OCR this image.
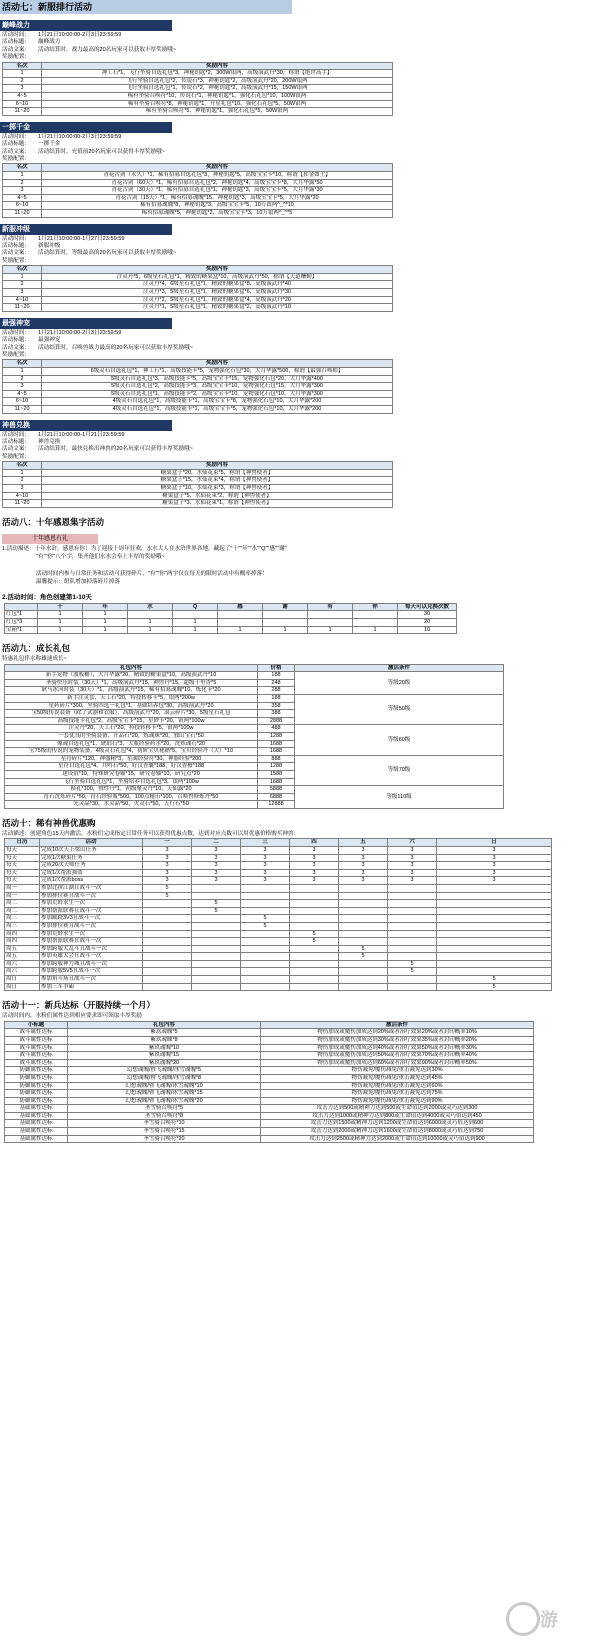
活动七：新服排行活动
巅峰战力
活动时间： 1月21日10:00:00-2月3日23:59:59
活动标题： 巅峰战力
活动文案： 活动结算时，战力最高的20名玩家可以获取丰厚奖励哦~
奖励配置：
名次	奖励内容
1	神工石*1，飞行坐骑自选礼包*3，神秘钥匙*2，300W银两，高级演武丹*30，称谓【绝世高手】
2	飞行坐骑自选礼包*2，传说石*3，神秘钥匙*2，高级演武丹*20，200W银两
3	飞行坐骑自选礼包*1，传说石*2，神秘钥匙*2，高级演武丹*15，150W银两
4~5	稀有坐骑召唤符*10，传说石*1，神秘钥匙*1，强化石礼包*10，100W银两
6~10	稀有坐骑召唤符*8，神秘钥匙*1，升星礼包*10，强化石礼包*5，50W银两
11~20	稀有坐骑召唤符*5，神秘钥匙*1，强化石礼包*5，50W银两
一掷千金
活动时间： 1月21日10:00:00-2月3日23:59:59
活动标题： 一掷千金
活动文案： 活动结算时，充值前20名玩家可以获得丰厚奖励哦~
奖励配置：
名次	奖励内容
1	青花古剑（永久）*1，稀有招募自选礼包*3，神秘钥匙*5，高级宝宝卡*10，称谓【挥金如土】
2	青花古剑（60天）*1，稀有招募自选礼包*2，神秘钥匙*4，高级宝宝卡*8，大月华露*50
3	青花古剑（30天）*1，稀有招募自选礼包*1，神秘钥匙*3，高级宝宝卡*5，大月华露*30
4~5	青花古剑（15天）*1，稀有招募魂魄*15，神秘钥匙*3，高级宝宝卡*5，大月华露*20
6~10	稀有招募魂魄*8，神秘钥匙*3，高级宝宝卡*5，10万银两^_^*10
11~20	稀有招募魂魄*5，神秘钥匙*2，高级宝宝卡*3，10万银两^_^*5
新服冲级
活动时间： 1月21日10:00:00-1月27日23:59:59
活动标题： 新服冲级
活动文案： 活动结算时，等级最高的20名玩家可以获取丰厚奖励哦~
奖励配置：
名次	奖励内容
1	注灵丹*5，6级星石礼包*1，精致的糖果盒*10，高级演武丹*50，称谓【天道酬勤】
2	注灵丹*4，6级星石礼包*1，精致的糖果盒*8，高级演武丹*40
3	注灵丹*3，5级星石礼包*1，精致的糖果盒*6，高级演武丹*30
4~10	注灵丹*2，5级星石礼包*1，精致的糖果盒*4，高级演武丹*20
11~20	注灵丹*1，5级星石礼包*1，精致的糖果盒*2，高级演武丹*10
最强神宠
活动时间： 1月21日10:00:00-2月3日23:59:59
活动标题： 最强神宠
活动文案： 活动结算时，召唤兽战力最高的20名玩家可以获取丰厚奖励哦~
奖励配置：
名次	奖励内容
1	6级灵石自选礼包*1，神工石*1，高级技能卡*5，宠物强化石包*30，大月华露*500，称谓【最强召唤师】
2	5级灵石自选礼包*3，高级技能卡*5，高级宝宝卡*15，宠物强化石包*20，大月华露*400
3	5级灵石自选礼包*2，高级技能卡*3，高级宝宝卡*10，宠物强化石包*15，大月华露*300
4~5	5级灵石自选礼包*1，高级技能卡*2，高级宝宝卡*10，宠物强化石包*10，大月华露*300
6~10	4级灵石自选礼包*1，高级技能卡*1，高级宝宝卡*8，宠物强化石包*10，大月华露*200
11~20	4级灵石自选礼包*1，高级技能卡*1，高级宝宝卡*5，宠物强化石包*10，大月华露*200
神兽兑换
活动时间： 1月21日10:00:00-1月21日23:59:59
活动标题： 神兽兑换
活动文案： 活动结算时，最快兑换出神兽的20名玩家可以获得丰厚奖励哦~
奖励配置：
名次	奖励内容
1	糖果盒子*20，水仙花束*5，称谓【神兽使者】
2	糖果盒子*15，水仙花束*4，称谓【神兽使者】
3	糖果盒子*10，水仙花束*3，称谓【神兽使者】
4~10	糖果盒子*5，水仙花束*2，称谓【神兽使者】
11~20	糖果盒子*3，水仙花束*1，称谓【神兽使者】
活动八：十年感恩集字活动
十年感恩有礼
1.活动描述：十年水浒，感恩有你！为了迎接十周年狂欢，水水大人在水浒世界各地，藏起了"十""年""水""Q""感""谢"
"有""你"八个字，集齐他们水水会奉上丰厚的奖励哦~
活动时间内参与日常任务和活动可获得碎片，"有""你"两字仅在每天的限时活动中有概率掉落！
温馨提示：组队增加掉落碎片掉落
2.活动时间：角色创建第1-10天
	十	年	水	Q	感	谢	有	你	每天可以兑换次数
红包*1	1	1							30
红包*3	1	1	1	1					20
宝箱*1	1	1	1	1	1	1	1	1	10
活动九：成长礼包
特惠礼包伴水称雄速成长~
礼包内容	价格	激活条件
新手宠物（波板糖），大月华露*20，精致的糖果盒*10，高级演武丹*10	188	等级20级
圣骑快乐时装（30天）*1，高级演武丹*15，神兽丹*15，超级千里香*5	248	
耿马冰河时装（30天）*1，高级演武丹*15，稀有招募魂魄*10，炼化卡*20	288	
新手注灵套，天工石*20，特技转移卡*5，银两*200w	188	等级50级
星药碎片*300，坐骑四选一礼包*1，基础培养包*30，高级演武丹*20	358	
宝50级传说装备（除了武器和衣服），高级演武丹*20，滚云碎片*30，5级星石礼包	388	
高级技能卡礼包*2，高级宝宝卡*15，星砂卡*20，银两*100w	2888	
注灵丹*20，天工石*20，特技转移卡*5，银两*100w	488	等级60级
一套优良的坐骑装备，升品石*20，炼魂珠*20，独山宝石*50	1288	
像魂自选礼包*1，琥珀石*3，大瓶经验药水*20，洗炼魂石*20	1688	
宝75级的传说的宠物装备，4级灵石礼包*4，初阶宝贝秘籍*5，宝贝经验丹（大）*10	1688	
星符碎片*120，神器精*3，星魂经验符*30，神器经验*200	888	等级70级
星符自选礼包*4，共鸣石*50，好汉香囊*188，好汉香檀*188	1288	
建设值*10，特殊研究卷轴*15，研究卷轴*10，研究点*20	1588	
飞行坐骑自选礼包*1，坐骑培养自选礼包*3，银两*100w	1688	
换礼*100，暨性丹*1，初级聚灵丹*10，天仙露*20	5888	等级110级
符石洗炼碎片*50，符石经验瓶*500，100点精币*100，召唤兽修炼丹*50	6888	
光灵晶*30，水灵晶*50，火灵石*50，五行石*50	12888	
活动十：稀有神兽优惠购
活动描述：创建角色15天内激活，水粉们完成指定日常任务可以获得优惠点数，达到对应点数可以用优惠价格购买神兽：
日历	活动	一	二	三	四	五	六	日
每天	完成10次天上梁山任务	3	3	3	3	3	3	3
每天	完成1次糖果任务	3	3	3	3	3	3	3
每天	完成20次天师任务	3	3	3	3	3	3	3
每天	完成1次帮派强盗	3	3	3	3	3	3	3
每天	完成1次帮派boss	3	3	3	3	3	3	3
周一	参加比拼江湖且战斗一次	5						
周一	参加排位赛且战斗一次	5						
周二	参加荒野求生一次		5					
周二	参加帮派联赛且战斗一次		5					
周三	参加蹊跷3V3且战斗一次			5				
周三	参加排位赛且战斗一次			5				
周四	参加荒野求生一次				5			
周四	参加帮派联赛且战斗一次				5			
周五	参加跨服大乱斗且战斗一次					5		
周五	参加英雄大会且战斗一次					5		
周六	参加跨服神力城且战斗一次						5	
周六	参加跨服5V5且战斗一次						5	
周日	参加角斗场且战斗一次							5
周日	参加三军争霸							5
活动十一：新兵达标（开服持续一个月）
活动时间内，水粉们属性达到相应要求即可领取丰厚奖励
小标题	礼包内容	激活条件
战斗属性达标	紫玖魂魄*5	物伤加成或魔伤加成达到20%或者治疗效果20%或者封印概率10%
战斗属性达标	紫玖魂魄*8	物伤加成或魔伤加成达到30%或者治疗效果35%或者封印概率20%
战斗属性达标	紫玖魂魄*10	物伤加成或魔伤加成达到40%或者治疗效果50%或者封印概率30%
战斗属性达标	紫玖魂魄*15	物伤加成或魔伤加成达到50%或者治疗效果70%或者封印概率40%
战斗属性达标	紫玖魂魄*20	物伤加成或魔伤加成达到60%或者治疗效果90%或者封印概率50%
防御属性达标	幻想魂魄/暨飞魂魄/冰雪魂魄*5	物伤减免/魔伤减免/重击减免达到30%
防御属性达标	幻想魂魄/暨飞魂魄/冰雪魂魄*8	物伤减免/魔伤减免/重击减免达到45%
防御属性达标	幻想魂魄/暨飞魂魄/冰雪魂魄*10	物伤减免/魔伤减免/重击减免达到60%
防御属性达标	幻想魂魄/暨飞魂魄/冰雪魂魄*15	物伤减免/魔伤减免/重击减免达到75%
防御属性达标	幻想魂魄/暨飞魂魄/冰雪魂魄*20	物伤减免/魔伤减免/重击减免达到90%
基础属性达标	圣雪骑召唤符*5	攻击力达到500或精神力达到500或生命值达到2000或灵巧达到300
基础属性达标	圣雪骑召唤符*8	攻击力达到1000或精神力达到800或生命值达到4000或灵巧值达到450
基础属性达标	圣雪骑召唤符*10	攻击力达到1500或精神力达到1200或生命值达到6000或灵巧值达到600
基础属性达标	圣雪骑召唤符*15	攻击力达到2000或精神力达到1600或生命值达到8000或灵巧值达到750
基础属性达标	圣雪骑召唤符*20	攻击力达到2500或精神力达到2000或生命值达到10000或灵巧值达到900
游
